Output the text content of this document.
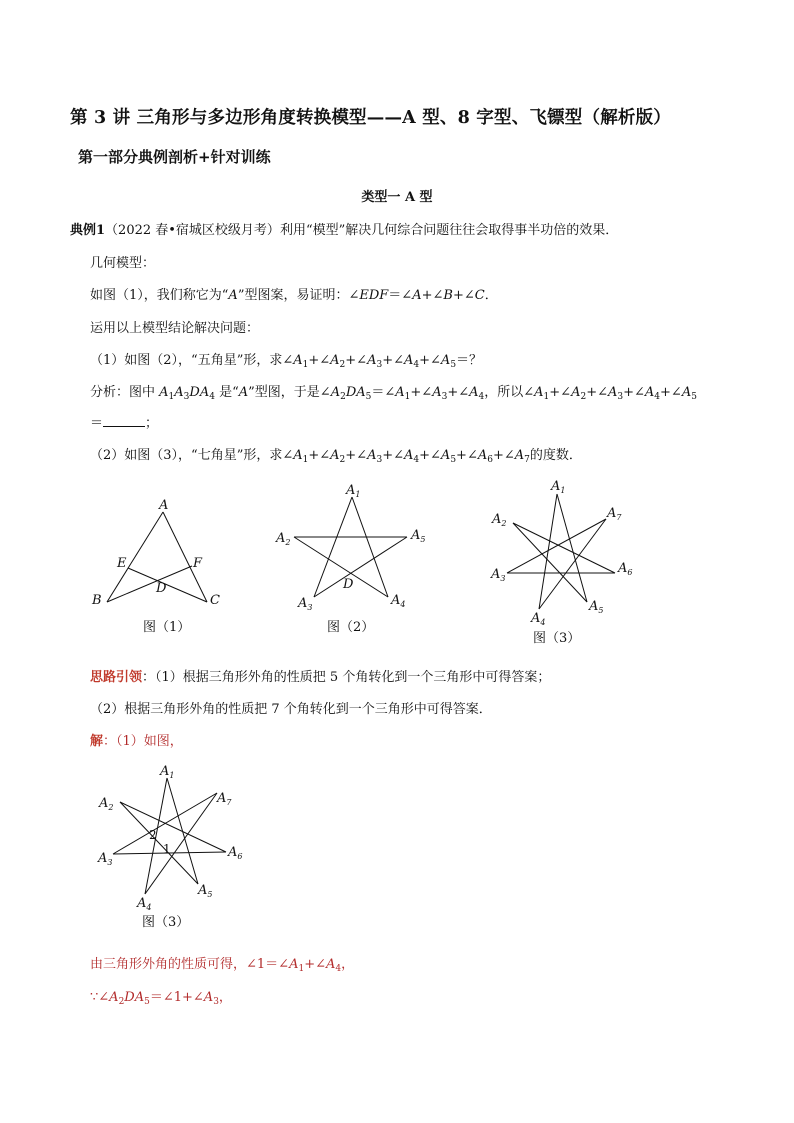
第 3 讲 三角形与多边形角度转换模型——A 型、8 字型、飞镖型（解析版）
第一部分典例剖析+针对训练
类型一 A 型
典例1（2022 春•宿城区校级月考）利用“模型”解决几何综合问题往往会取得事半功倍的效果．
几何模型：
如图（1），我们称它为“A”型图案，易证明：∠EDF＝∠A+∠B+∠C．
运用以上模型结论解决问题：
（1）如图（2），“五角星”形，求$\angle A_1+\angle A_2+\angle A_3+\angle A_4+\angle A_5=$？
分析：图中 $A_1A_3DA_4$ 是“A”型图，于是$\angle A_2DA_5=\angle A_1+\angle A_3+\angle A_4$，所以$\angle A_1+\angle A_2+\angle A_3+\angle A_4+\angle A_5$
＝	；
（2）如图（3），“七角星”形，求$\angle A_1+\angle A_2+\angle A_3+\angle A_4+\angle A_5+\angle A_6+\angle A_7$的度数．
A
E	F
D
B	C
图（1）
$A_1$
$A_2$	$A_5$
D
$A_3$	$A_4$
图（2）
$A_1$
$A_2$
$A_7$
$A_3$
$A_6$
$A_4$
$A_5$
图（3）
思路引领：（1）根据三角形外角的性质把 5 个角转化到一个三角形中可得答案；
（2）根据三角形外角的性质把 7 个角转化到一个三角形中可得答案．
解：（1）如图，
$A_1$
$A_2$
$A_7$
$A_3$
$A_6$
$A_4$
$A_5$
2
1
图（3）
由三角形外角的性质可得，$\angle 1=\angle A_1+\angle A_4$，
$\because\angle A_2DA_5=\angle 1+\angle A_3$，
